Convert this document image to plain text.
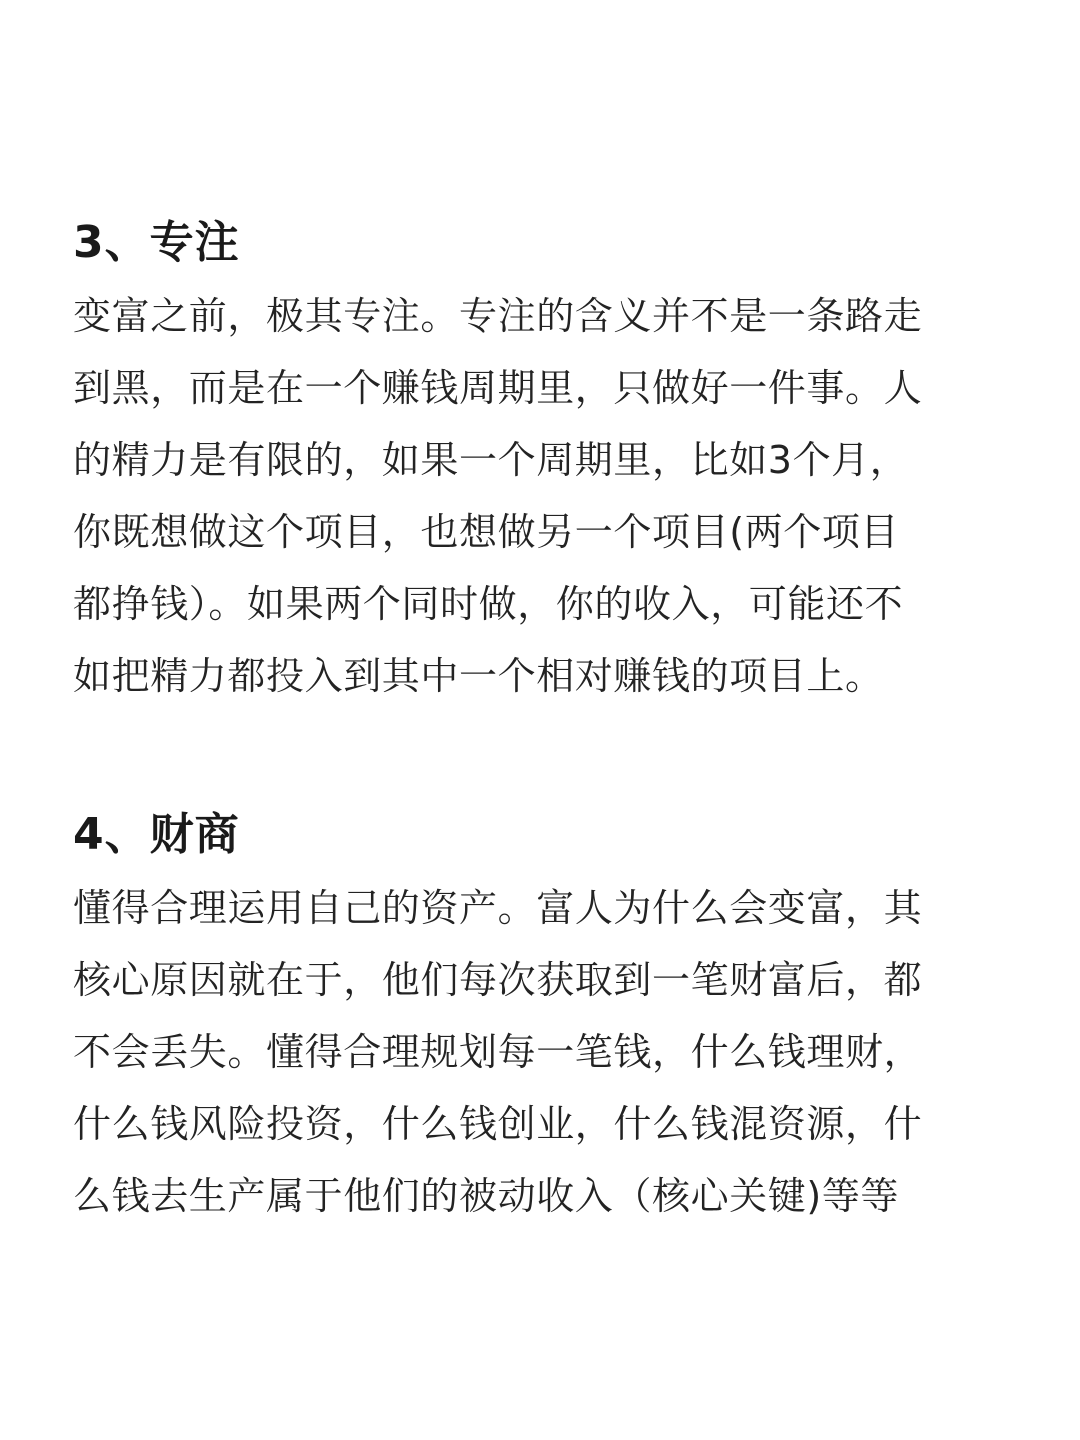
3、专注

变富之前，极其专注。专注的含义并不是一条路走

到黑，而是在一个赚钱周期里，只做好一件事。人

的精力是有限的，如果一个周期里，比如3个月，

你既想做这个项目，也想做另一个项目(两个项目

都挣钱）。如果两个同时做，你的收入，可能还不

如把精力都投入到其中一个相对赚钱的项目上。

4、财商

懂得合理运用自己的资产。富人为什么会变富，其

核心原因就在于，他们每次获取到一笔财富后，都

不会丢失。懂得合理规划每一笔钱，什么钱理财，

什么钱风险投资，什么钱创业，什么钱混资源，什

么钱去生产属于他们的被动收入（核心关键)等等
